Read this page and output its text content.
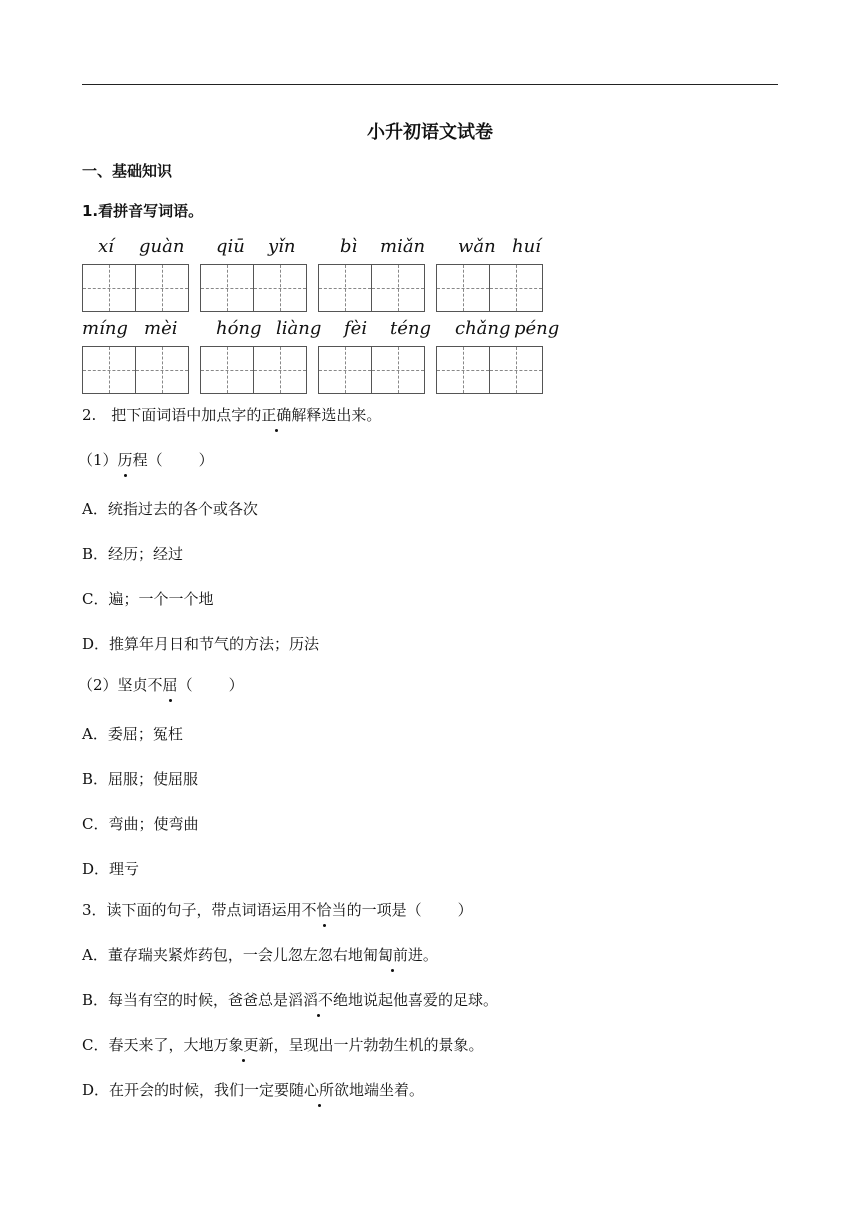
小升初语文试卷
一、基础知识
1.看拼音写词语。
xí guàn qiū yǐn bì miǎn wǎn huí
míng mèi hóng liàng fèi téng chǎng péng
2.　把下面词语中加点字的正确解释选出来。
（1）历程（ ）
A．统指过去的各个或各次
B．经历；经过
C．遍；一个一个地
D．推算年月日和节气的方法；历法
（2）坚贞不屈（ ）
A．委屈；冤枉
B．屈服；使屈服
C．弯曲；使弯曲
D．理亏
3．读下面的句子，带点词语运用不恰当的一项是（ ）
A．董存瑞夹紧炸药包，一会儿忽左忽右地匍匐前进。
B．每当有空的时候，爸爸总是滔滔不绝地说起他喜爱的足球。
C．春天来了，大地万象更新，呈现出一片勃勃生机的景象。
D．在开会的时候，我们一定要随心所欲地端坐着。
